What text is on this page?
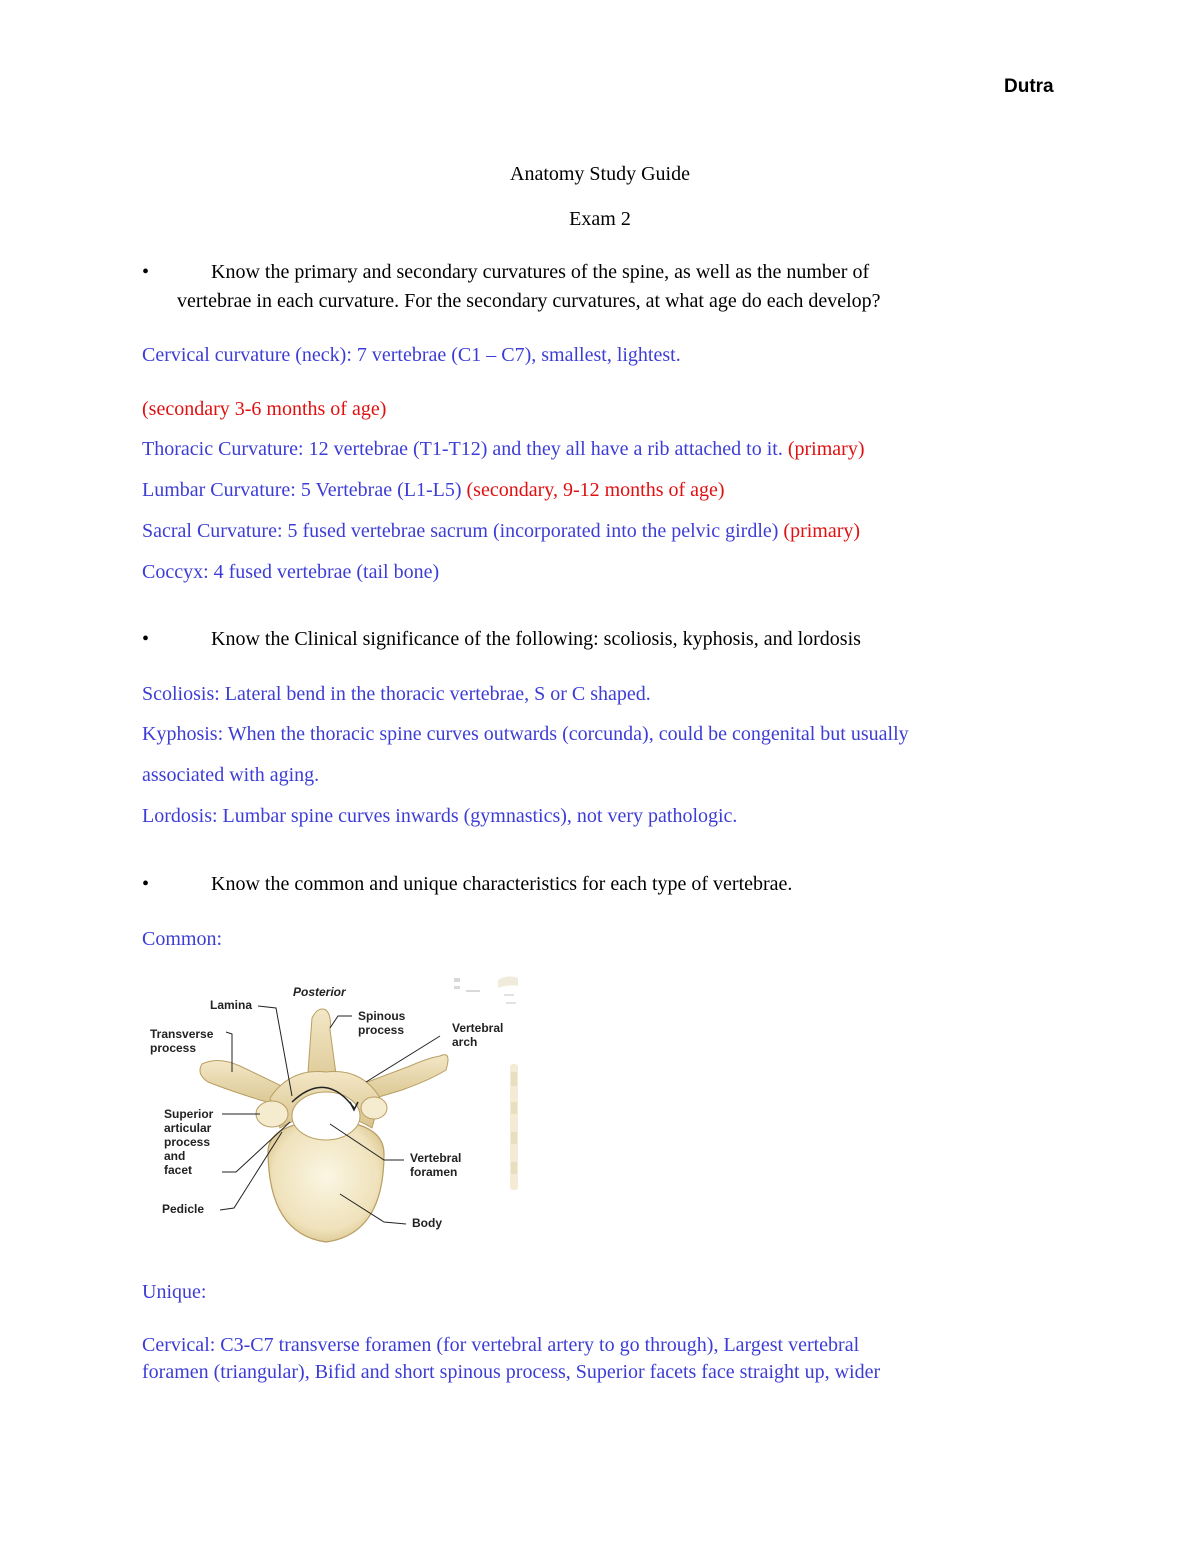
Dutra
Anatomy Study Guide
Exam 2
•	Know the primary and secondary curvatures of the spine, as well as the number of
vertebrae in each curvature. For the secondary curvatures, at what age do each develop?
Cervical curvature (neck): 7 vertebrae (C1 – C7), smallest, lightest.
(secondary 3-6 months of age)
Thoracic Curvature: 12 vertebrae (T1-T12) and they all have a rib attached to it. (primary)
Lumbar Curvature: 5 Vertebrae (L1-L5) (secondary, 9-12 months of age)
Sacral Curvature: 5 fused vertebrae sacrum (incorporated into the pelvic girdle) (primary)
Coccyx: 4 fused vertebrae (tail bone)
•	Know the Clinical significance of the following: scoliosis, kyphosis, and lordosis
Scoliosis: Lateral bend in the thoracic vertebrae, S or C shaped.
Kyphosis: When the thoracic spine curves outwards (corcunda), could be congenital but usually
associated with aging.
Lordosis: Lumbar spine curves inwards (gymnastics), not very pathologic.
•	Know the common and unique characteristics for each type of vertebrae.
Common:
Posterior
Lamina
Transverse
process
Spinous
process	Vertebral
arch
Superior
articular
process
and
facet
Vertebral
foramen
Pedicle
Body
Unique:
Cervical: C3-C7 transverse foramen (for vertebral artery to go through), Largest vertebral
foramen (triangular), Bifid and short spinous process, Superior facets face straight up, wider
